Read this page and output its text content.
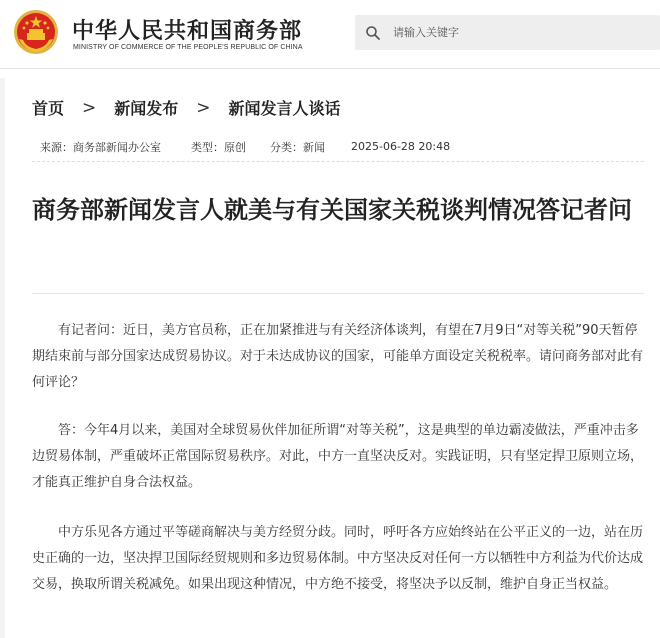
中华人民共和国商务部
MINISTRY OF COMMERCE OF THE PEOPLE'S REPUBLIC OF CHINA
请输入关键字
首页 > 新闻发布 > 新闻发言人谈话
来源：商务部新闻办公室	类型：原创 分类：新闻 2025-06-28 20:48
商务部新闻发言人就美与有关国家关税谈判情况答记者问

有记者问：近日，美方官员称，正在加紧推进与有关经济体谈判，有望在7月9日“对等关税”90天暂停期结束前与部分国家达成贸易协议。对于未达成协议的国家，可能单方面设定关税税率。请问商务部对此有何评论？

答：今年4月以来，美国对全球贸易伙伴加征所谓“对等关税”，这是典型的单边霸凌做法，严重冲击多边贸易体制，严重破坏正常国际贸易秩序。对此，中方一直坚决反对。实践证明，只有坚定捍卫原则立场，才能真正维护自身合法权益。

中方乐见各方通过平等磋商解决与美方经贸分歧。同时，呼吁各方应始终站在公平正义的一边，站在历史正确的一边，坚决捍卫国际经贸规则和多边贸易体制。中方坚决反对任何一方以牺牲中方利益为代价达成交易，换取所谓关税减免。如果出现这种情况，中方绝不接受，将坚决予以反制，维护自身正当权益。
